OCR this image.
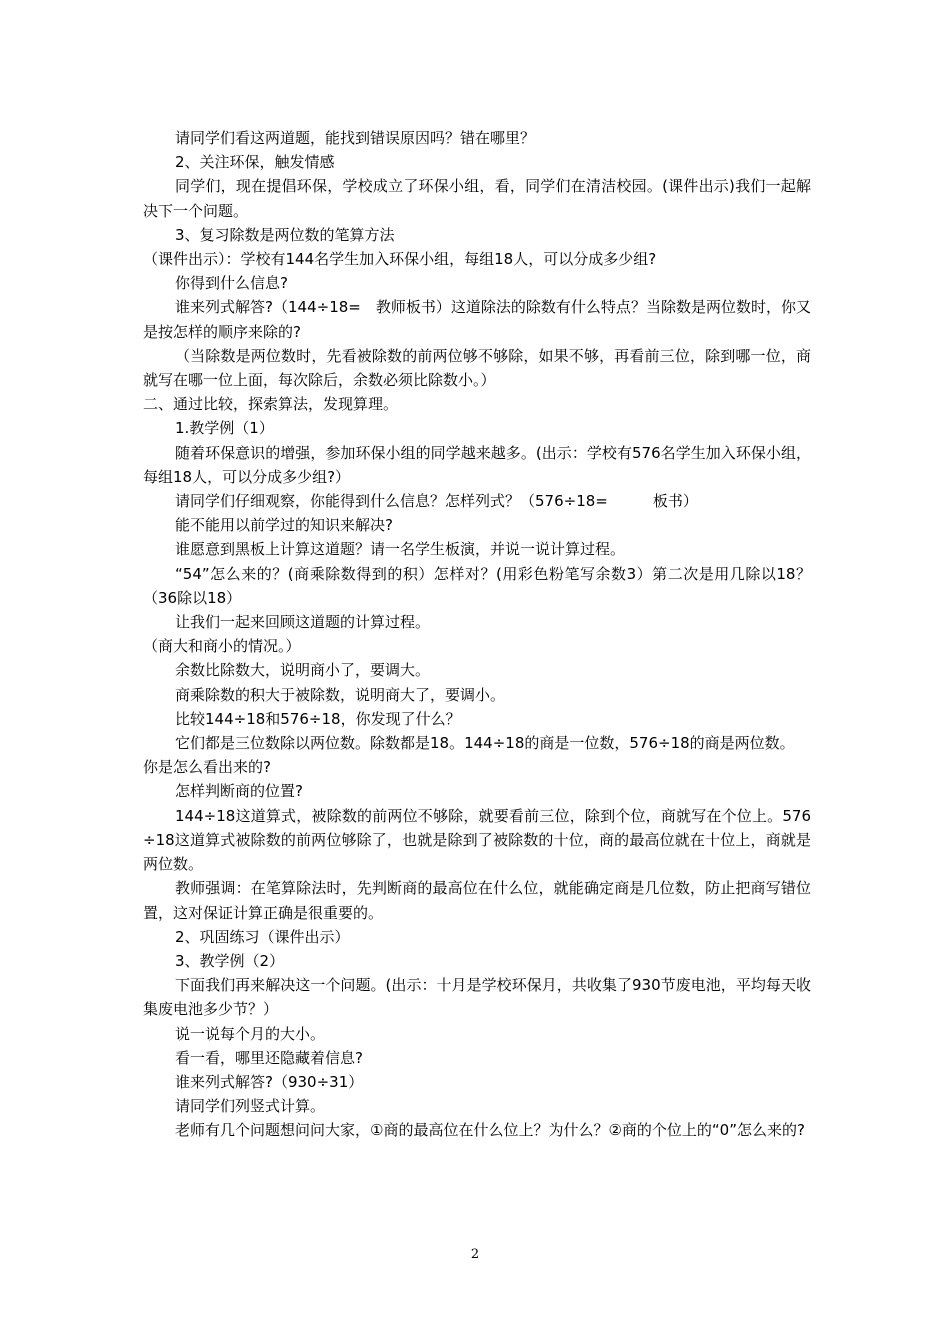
请同学们看这两道题，能找到错误原因吗？错在哪里？

2、关注环保，触发情感

同学们，现在提倡环保，学校成立了环保小组，看，同学们在清洁校园。(课件出示)我们一起解决下一个问题。

3、复习除数是两位数的笔算方法

（课件出示）：学校有144名学生加入环保小组，每组18人，可以分成多少组?

你得到什么信息?

谁来列式解答?（144÷18=　教师板书）这道除法的除数有什么特点？当除数是两位数时，你又是按怎样的顺序来除的?

（当除数是两位数时，先看被除数的前两位够不够除，如果不够，再看前三位，除到哪一位，商就写在哪一位上面，每次除后，余数必须比除数小。）

二、通过比较，探索算法，发现算理。

1.教学例（1）

随着环保意识的增强，参加环保小组的同学越来越多。(出示：学校有576名学生加入环保小组，每组18人，可以分成多少组?）

请同学们仔细观察，你能得到什么信息？怎样列式？（576÷18=　　　板书）

能不能用以前学过的知识来解决?

谁愿意到黑板上计算这道题？请一名学生板演，并说一说计算过程。

“54”怎么来的？(商乘除数得到的积）怎样对？(用彩色粉笔写余数3）第二次是用几除以18？（36除以18）

让我们一起来回顾这道题的计算过程。

（商大和商小的情况。）

余数比除数大，说明商小了，要调大。

商乘除数的积大于被除数，说明商大了，要调小。

比较144÷18和576÷18，你发现了什么？

它们都是三位数除以两位数。除数都是18。144÷18的商是一位数，576÷18的商是两位数。

你是怎么看出来的?

怎样判断商的位置?

144÷18这道算式，被除数的前两位不够除，就要看前三位，除到个位，商就写在个位上。576÷18这道算式被除数的前两位够除了，也就是除到了被除数的十位，商的最高位就在十位上，商就是两位数。

教师强调：在笔算除法时，先判断商的最高位在什么位，就能确定商是几位数，防止把商写错位置，这对保证计算正确是很重要的。

2、巩固练习（课件出示）

3、教学例（2）

下面我们再来解决这一个问题。(出示：十月是学校环保月，共收集了930节废电池，平均每天收集废电池多少节？）

说一说每个月的大小。

看一看，哪里还隐藏着信息?

谁来列式解答?（930÷31）

请同学们列竖式计算。

老师有几个问题想问问大家，①商的最高位在什么位上？为什么？②商的个位上的“0”怎么来的?

2
